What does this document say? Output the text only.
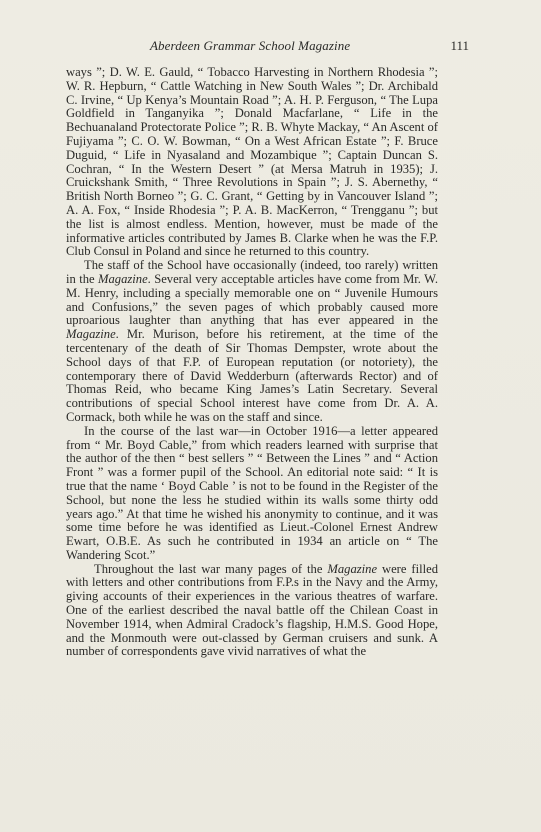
Aberdeen Grammar School Magazine	111

ways ”; D. W. E. Gauld, “ Tobacco Harvesting in Northern Rhodesia ”; W. R. Hepburn, “ Cattle Watching in New South Wales ”; Dr. Archibald C. Irvine, “ Up Kenya’s Mountain Road ”; A. H. P. Ferguson, “ The Lupa Goldfield in Tanganyika ”; Donald Macfarlane, “ Life in the Bechuanaland Protectorate Police ”; R. B. Whyte Mackay, “ An Ascent of Fujiyama ”; C. O. W. Bowman, “ On a West African Estate ”; F. Bruce Duguid, “ Life in Nyasaland and Mozambique ”; Captain Duncan S. Cochran, “ In the Western Desert ” (at Mersa Matruh in 1935); J. Cruickshank Smith, “ Three Revolutions in Spain ”; J. S. Abernethy, “ British North Borneo ”; G. C. Grant, “ Getting by in Vancouver Island ”; A. A. Fox, “ Inside Rhodesia ”; P. A. B. MacKerron, “ Trengganu ”; but the list is almost endless. Mention, however, must be made of the informative articles contributed by James B. Clarke when he was the F.P. Club Consul in Poland and since he returned to this country.

The staff of the School have occasionally (indeed, too rarely) written in the Magazine. Several very acceptable articles have come from Mr. W. M. Henry, including a specially memorable one on “ Juvenile Humours and Confusions,” the seven pages of which probably caused more uproarious laughter than anything that has ever appeared in the Magazine. Mr. Murison, before his retirement, at the time of the tercentenary of the death of Sir Thomas Dempster, wrote about the School days of that F.P. of European reputation (or notoriety), the contemporary there of David Wedderburn (afterwards Rector) and of Thomas Reid, who became King James’s Latin Secretary. Several contributions of special School interest have come from Dr. A. A. Cormack, both while he was on the staff and since.

In the course of the last war—in October 1916—a letter appeared from “ Mr. Boyd Cable,” from which readers learned with surprise that the author of the then “ best sellers ” “ Between the Lines ” and “ Action Front ” was a former pupil of the School. An editorial note said: “ It is true that the name ‘ Boyd Cable ’ is not to be found in the Register of the School, but none the less he studied within its walls some thirty odd years ago.” At that time he wished his anonymity to continue, and it was some time before he was identified as Lieut.-Colonel Ernest Andrew Ewart, O.B.E. As such he contributed in 1934 an article on “ The Wandering Scot.”

Throughout the last war many pages of the Magazine were filled with letters and other contributions from F.P.s in the Navy and the Army, giving accounts of their experiences in the various theatres of warfare. One of the earliest described the naval battle off the Chilean Coast in November 1914, when Admiral Cradock’s flagship, H.M.S. Good Hope, and the Monmouth were out-classed by German cruisers and sunk. A number of correspondents gave vivid narratives of what the
